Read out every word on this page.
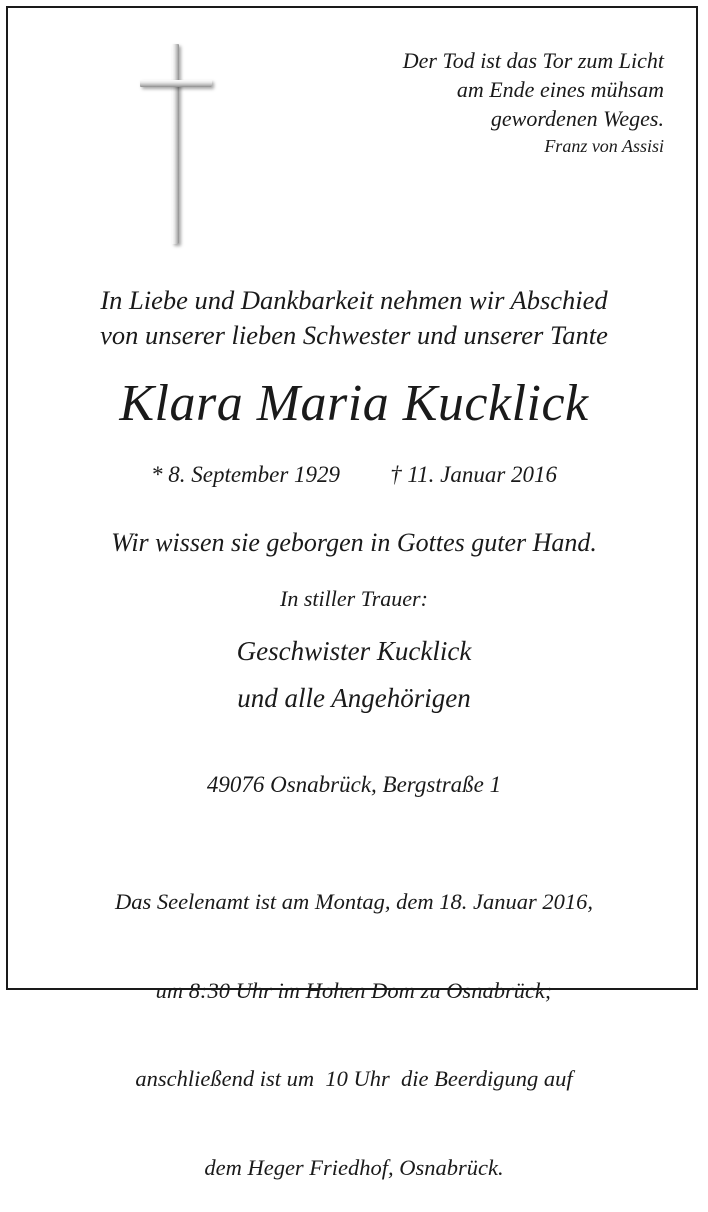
Der Tod ist das Tor zum Licht
am Ende eines mühsam
gewordenen Weges.
Franz von Assisi
In Liebe und Dankbarkeit nehmen wir Abschied
von unserer lieben Schwester und unserer Tante
Klara Maria Kucklick
* 8. September 1929 † 11. Januar 2016
Wir wissen sie geborgen in Gottes guter Hand.
In stiller Trauer:
Geschwister Kucklick
und alle Angehörigen
49076 Osnabrück, Bergstraße 1

Das Seelenamt ist am Montag, dem 18. Januar 2016,

um 8:30 Uhr im Hohen Dom zu Osnabrück;

anschließend ist um  10 Uhr  die Beerdigung auf

dem Heger Friedhof, Osnabrück.
